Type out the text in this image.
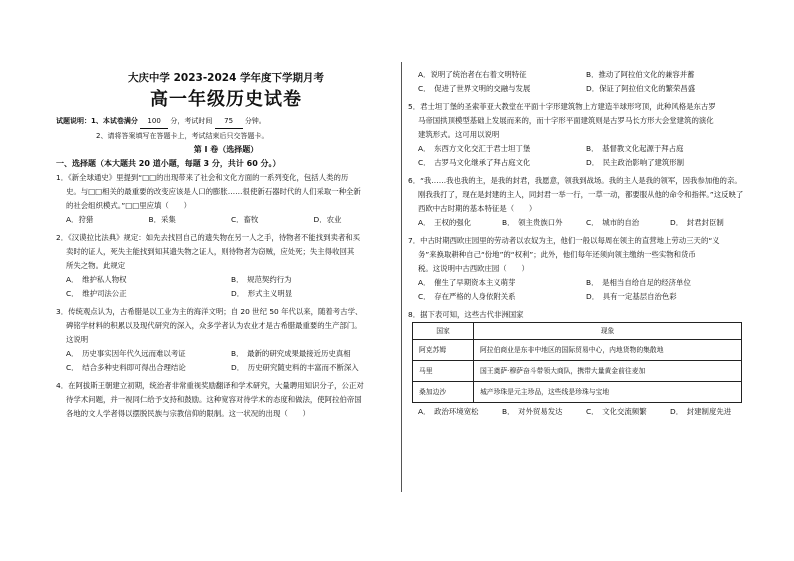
大庆中学 2023-2024 学年度下学期月考
高一年级历史试卷
试题说明：1、本试卷满分 100 分，考试时间 75 分钟。
2、请将答案填写在答题卡上，考试结束后只交答题卡。
第 I 卷（选择题）
一、选择题（本大题共 20 道小题，每题 3 分，共计 60 分。）
1．《新全球通史》里提到“□□的出现带来了社会和文化方面的一系列变化，包括人类的历
史。与□□相关的最重要的改变应该是人口的膨胀……很使新石器时代的人们采取一种全新
的社会组织模式。”□□里应填（　　）
A．狩猎	B．采集	C．畜牧	D．农业
2．《汉谟拉比法典》规定：如先去找回自己的遗失物在另一人之手，待物者不能找到卖者和买
卖时的证人，死失主能找到知其遗失物之证人，则待物者为窃贼，应处死；失主得收回其
所失之物。此规定
A．　维护私人物权	B．　规范契约行为
C．　维护司法公正	D．　形式主义明显
3．传统观点认为，古希腊是以工业为主的海洋文明；自 20 世纪 50 年代以来，随着考古学、
碑铭学材料的积累以及现代研究的深入，众多学者认为农业才是古希腊最重要的生产部门。
这说明
A．　历史事实因年代久远而难以考证	B．　最新的研究成果最接近历史真相
C．　结合多种史料即可得出合理结论	D．　历史研究随史料的丰富而不断深入
4．在阿拔斯王朝建立初期，统治者非常重视奖励翻译和学术研究，大量聘用知识分子，公正对
待学术问题，并一视同仁给予支持和鼓励。这种宽容对待学术的态度和做法，使阿拉伯帝国
各地的文人学者得以摆脱民族与宗教信仰的限制。这一状况的出现（　　）
A．说明了统治者在右着文明特征	B．推动了阿拉伯文化的兼容并蓄
C．　促进了世界文明的交融与发展	D．保证了阿拉伯文化的繁荣昌盛
5．君士坦丁堡的圣索菲亚大教堂在平面十字形建筑物上方建造半球形穹顶，此种风格是东古罗
马帝国拱顶模型基础上发展而来的，而十字形平面建筑则是古罗马长方形大会堂建筑的演化
建筑形式。这可用以说明
A．　东西方文化交汇于君士坦丁堡	B．　基督教文化起源于拜占庭
C．　古罗马文化继承了拜占庭文化	D．　民主政治影响了建筑形制
6．“我……我也我的主，是我的封君，我愿意，领我到战场。我的主人是我的领军，因我参加他的亲。
刚我我打了，现在是封建的主人，同封君一举一行，一草一动，都要服从他的命令和指挥。”这反映了
西欧中古时期的基本特征是（　　）
A．　王权的强化	B．　领主贵族口外	C．　城市的自治	D．　封君封臣制
7．中古时期西欧庄园里的劳动者以农奴为主，他们一般以每周在领主的直营地上劳动三天的“义
务”来换取耕种自己“份地”的“权利”；此外，他们每年还须向领主缴纳一些实物和货币
税。这说明中古西欧庄园（　　）
A．　催生了早期资本主义萌芽	B．　是相当自给自足的经济单位
C．　存在严格的人身依附关系	D．　具有一定基层自治色彩
8．据下表可知，这些古代非洲国家
国家	现象
阿克苏姆	阿拉伯商业是东非中地区的国际贸易中心，内地货物的集散地
马里	国王奠萨·穆萨奋斗带领大商队，携带大量黄金前往麦加
桑加边沙	城产珍珠是元主珍品，这些线是珍珠与宝地
A．　政治环境宽松	B．　对外贸易发达	C．　文化交流频繁	D．　封建制度先进
